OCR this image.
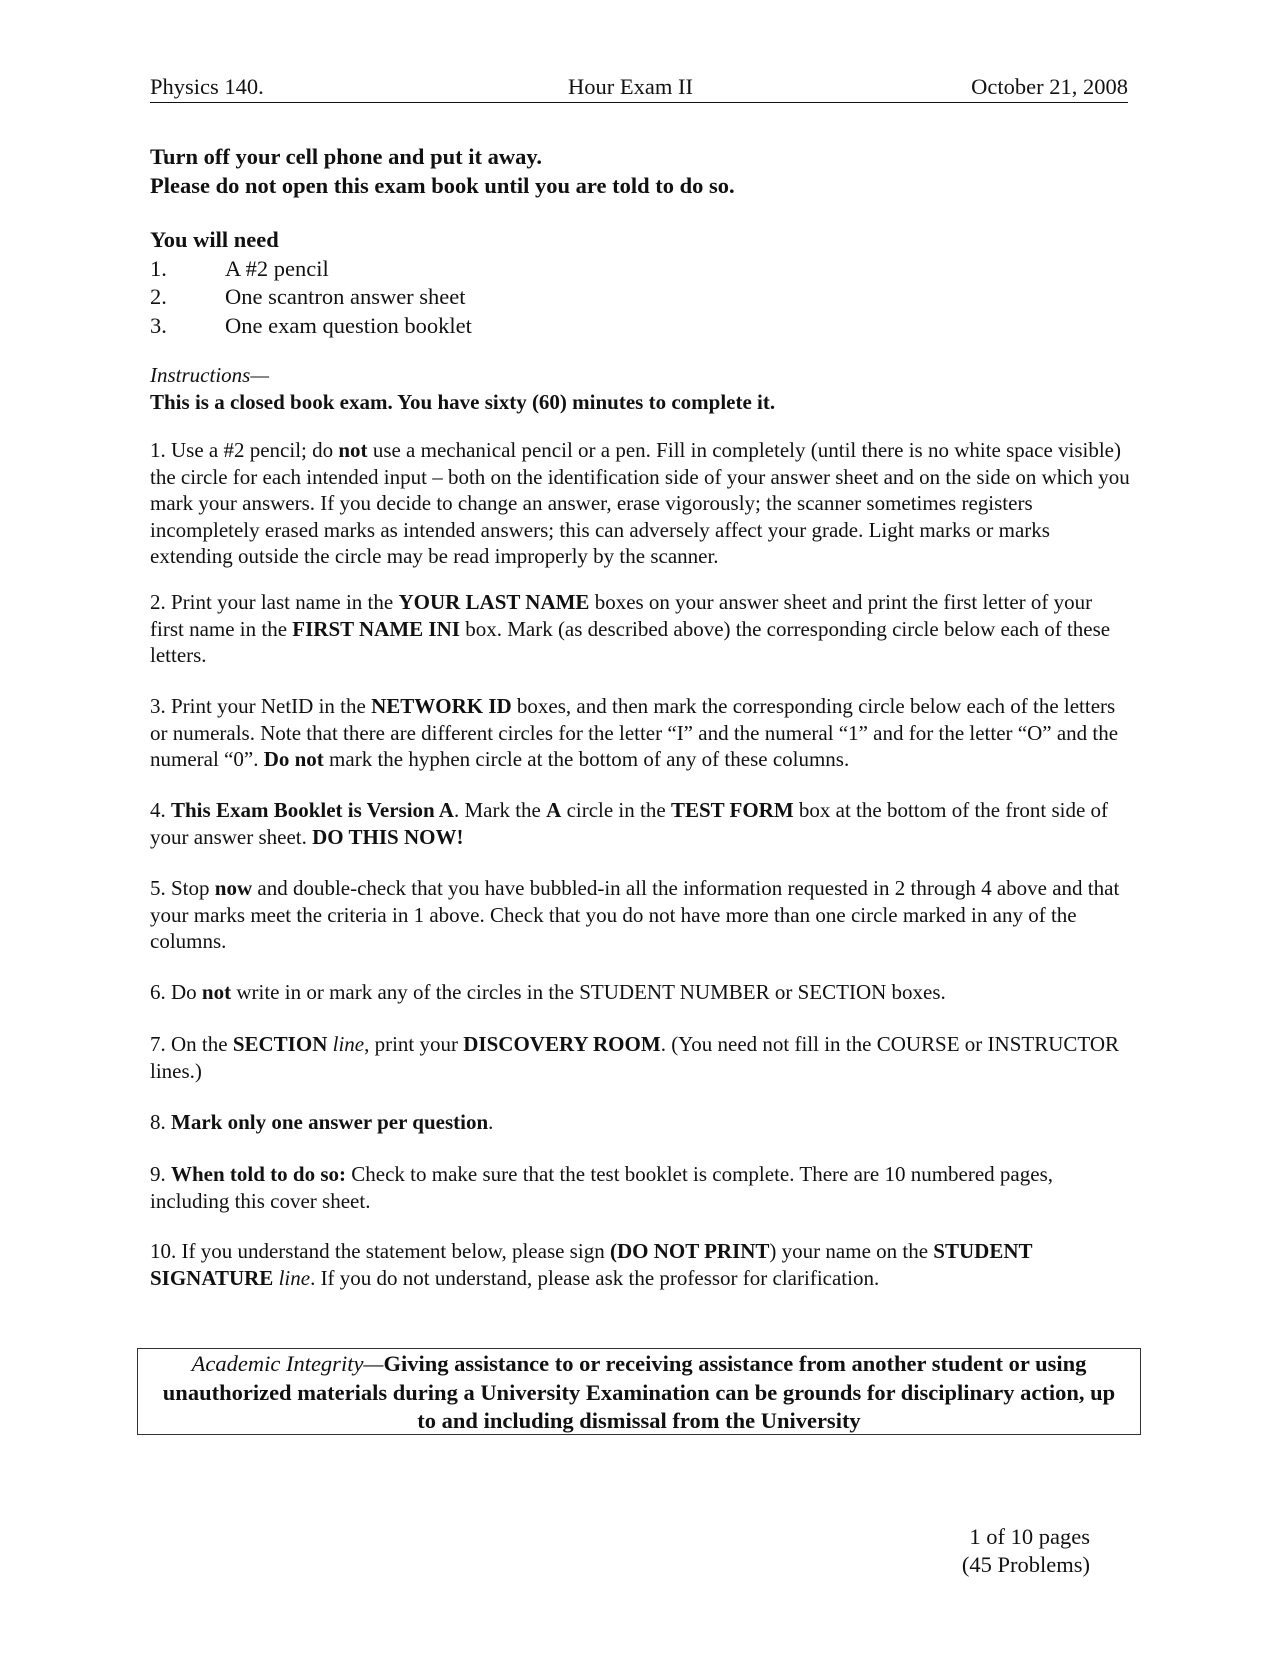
Physics 140.	Hour Exam II	October 21, 2008
Turn off your cell phone and put it away.
Please do not open this exam book until you are told to do so.
You will need
1.	A #2 pencil
2.	One scantron answer sheet
3.	One exam question booklet
Instructions—
This is a closed book exam. You have sixty (60) minutes to complete it.
1. Use a #2 pencil; do not use a mechanical pencil or a pen. Fill in completely (until there is no white space visible) the circle for each intended input – both on the identification side of your answer sheet and on the side on which you mark your answers. If you decide to change an answer, erase vigorously; the scanner sometimes registers incompletely erased marks as intended answers; this can adversely affect your grade. Light marks or marks extending outside the circle may be read improperly by the scanner.
2. Print your last name in the YOUR LAST NAME boxes on your answer sheet and print the first letter of your first name in the FIRST NAME INI box. Mark (as described above) the corresponding circle below each of these letters.
3. Print your NetID in the NETWORK ID boxes, and then mark the corresponding circle below each of the letters or numerals. Note that there are different circles for the letter “I” and the numeral “1” and for the letter “O” and the numeral “0”. Do not mark the hyphen circle at the bottom of any of these columns.
4. This Exam Booklet is Version A. Mark the A circle in the TEST FORM box at the bottom of the front side of your answer sheet. DO THIS NOW!
5. Stop now and double-check that you have bubbled-in all the information requested in 2 through 4 above and that your marks meet the criteria in 1 above. Check that you do not have more than one circle marked in any of the columns.
6. Do not write in or mark any of the circles in the STUDENT NUMBER or SECTION boxes.
7. On the SECTION line, print your DISCOVERY ROOM. (You need not fill in the COURSE or INSTRUCTOR lines.)
8. Mark only one answer per question.
9. When told to do so: Check to make sure that the test booklet is complete. There are 10 numbered pages, including this cover sheet.
10. If you understand the statement below, please sign (DO NOT PRINT) your name on the STUDENT SIGNATURE line. If you do not understand, please ask the professor for clarification.
Academic Integrity—Giving assistance to or receiving assistance from another student or using unauthorized materials during a University Examination can be grounds for disciplinary action, up to and including dismissal from the University
1 of 10 pages
(45 Problems)
